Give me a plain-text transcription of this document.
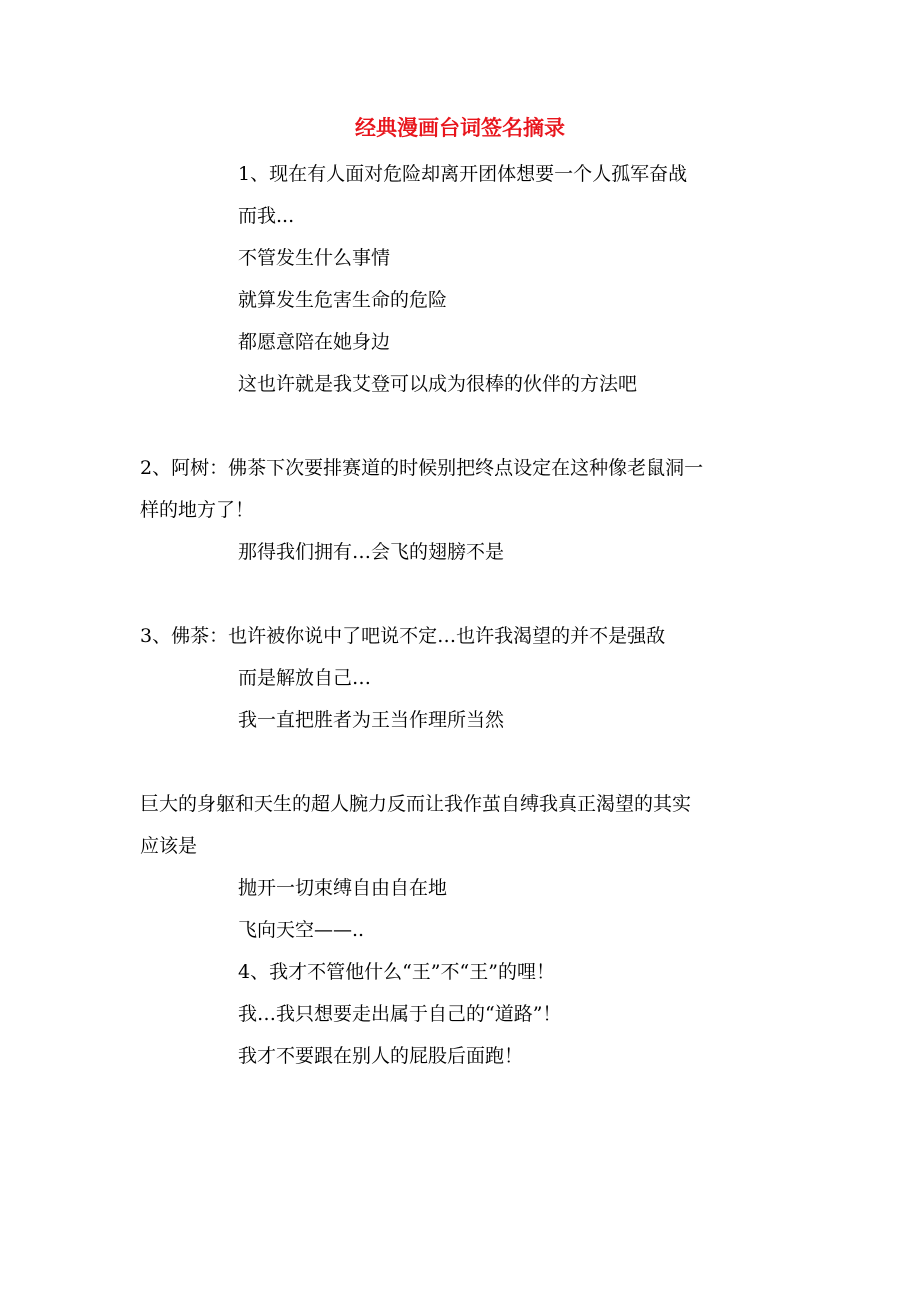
经典漫画台词签名摘录
1、现在有人面对危险却离开团体想要一个人孤军奋战
而我...
不管发生什么事情
就算发生危害生命的危险
都愿意陪在她身边
这也许就是我艾登可以成为很棒的伙伴的方法吧
2、阿树：佛茶下次要排赛道的时候别把终点设定在这种像老鼠洞一
样的地方了！
那得我们拥有…会飞的翅膀不是
3、佛茶：也许被你说中了吧说不定…也许我渴望的并不是强敌
而是解放自己…
我一直把胜者为王当作理所当然
巨大的身躯和天生的超人腕力反而让我作茧自缚我真正渴望的其实
应该是
抛开一切束缚自由自在地
飞向天空——..
4、我才不管他什么“王”不“王”的哩！
我…我只想要走出属于自己的“道路”！
我才不要跟在别人的屁股后面跑！
